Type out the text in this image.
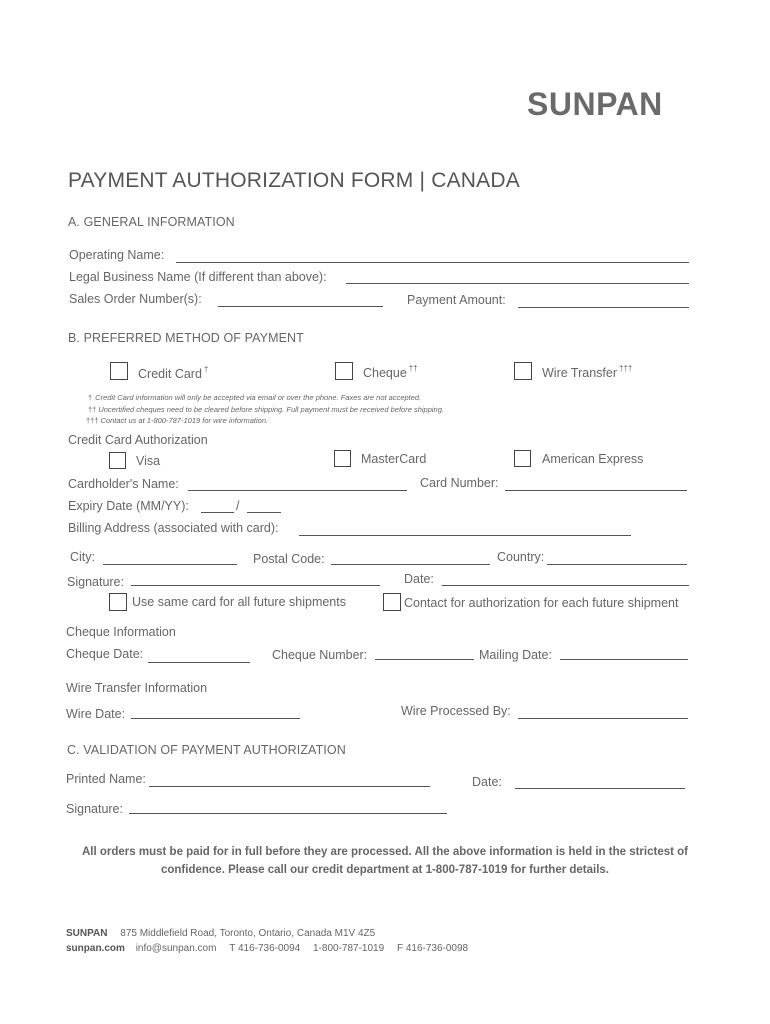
SUNPAN
PAYMENT AUTHORIZATION FORM | CANADA
A. GENERAL INFORMATION
Operating Name:
Legal Business Name (If different than above):
Sales Order Number(s):	Payment Amount:
B. PREFERRED METHOD OF PAYMENT
Credit Card †	Cheque ††	Wire Transfer †††
† Credit Card information will only be accepted via email or over the phone. Faxes are not accepted.
†† Uncertified cheques need to be cleared before shipping. Full payment must be received before shipping.
††† Contact us at 1-800-787-1019 for wire information.
Credit Card Authorization
Visa	MasterCard	American Express
Cardholder's Name:	Card Number:
Expiry Date (MM/YY):	/
Billing Address (associated with card):
City:	Postal Code:	Country:
Signature:	Date:
Use same card for all future shipments	Contact for authorization for each future shipment
Cheque Information
Cheque Date:	Cheque Number:	Mailing Date:
Wire Transfer Information
Wire Date:	Wire Processed By:
C. VALIDATION OF PAYMENT AUTHORIZATION
Printed Name:	Date:
Signature:
All orders must be paid for in full before they are processed. All the above information is held in the strictest of confidence. Please call our credit department at 1-800-787-1019 for further details.
SUNPAN 875 Middlefield Road, Toronto, Ontario, Canada M1V 4Z5
sunpan.com info@sunpan.com T 416-736-0094 1-800-787-1019 F 416-736-0098
